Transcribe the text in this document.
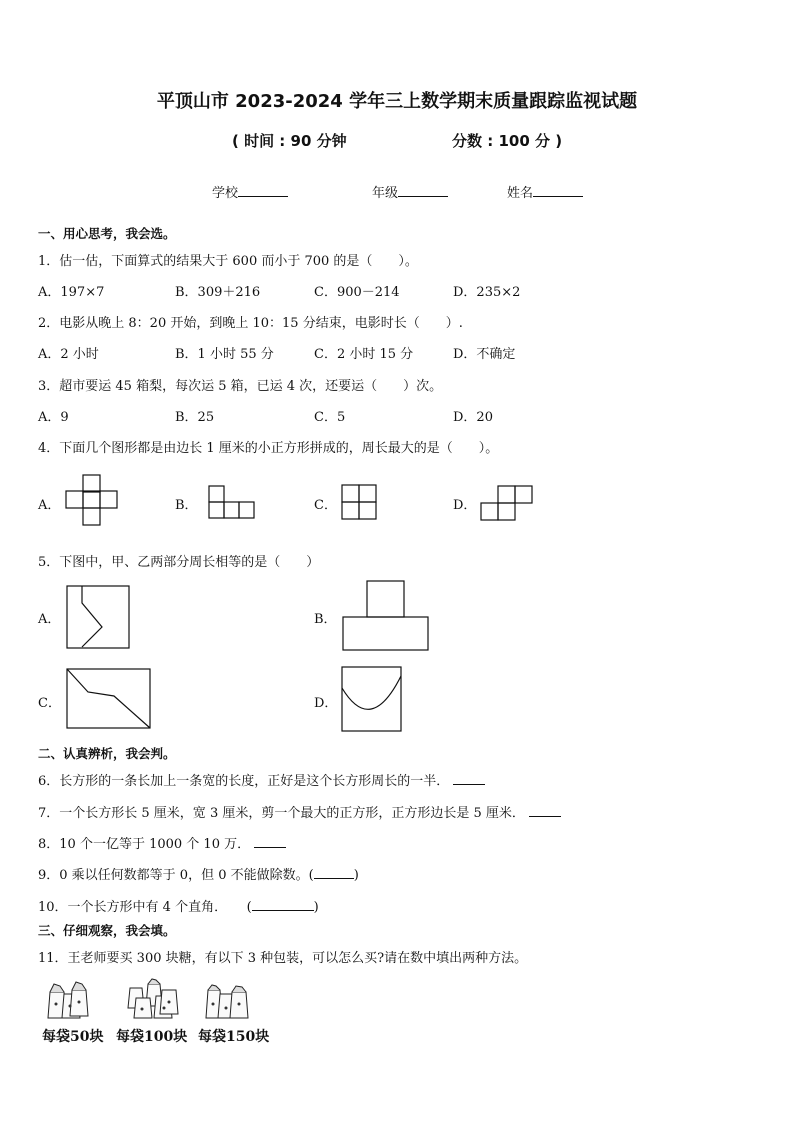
平顶山市 2023-2024 学年三上数学期末质量跟踪监视试题
( 时间 : 90 分钟	分数 : 100 分 )
学校	年级	姓名
一、用心思考，我会选。
1．估一估，下面算式的结果大于 600 而小于 700 的是（　　）。
A．197×7	B．309＋216	C．900－214	D．235×2
2．电影从晚上 8：20 开始，到晚上 10：15 分结束，电影时长（　　）.
A．2 小时	B．1 小时 55 分	C．2 小时 15 分	D．不确定
3．超市要运 45 箱梨，每次运 5 箱，已运 4 次，还要运（　　）次。
A．9	B．25	C．5	D．20
4．下面几个图形都是由边长 1 厘米的小正方形拼成的，周长最大的是（　　）。
A．	B．	C．	D．
5．下图中，甲、乙两部分周长相等的是（　　）
A．	B．
C．	D．
二、认真辨析，我会判。
6．长方形的一条长加上一条宽的长度，正好是这个长方形周长的一半．
7．一个长方形长 5 厘米，宽 3 厘米，剪一个最大的正方形，正方形边长是 5 厘米．
8．10 个一亿等于 1000 个 10 万．
9．0 乘以任何数都等于 0，但 0 不能做除数。(	)
10．一个长方形中有 4 个直角．　　(	)
三、仔细观察，我会填。
11．王老师要买 300 块糖，有以下 3 种包装，可以怎么买?请在数中填出两种方法。
每袋50块 每袋100块 每袋150块
